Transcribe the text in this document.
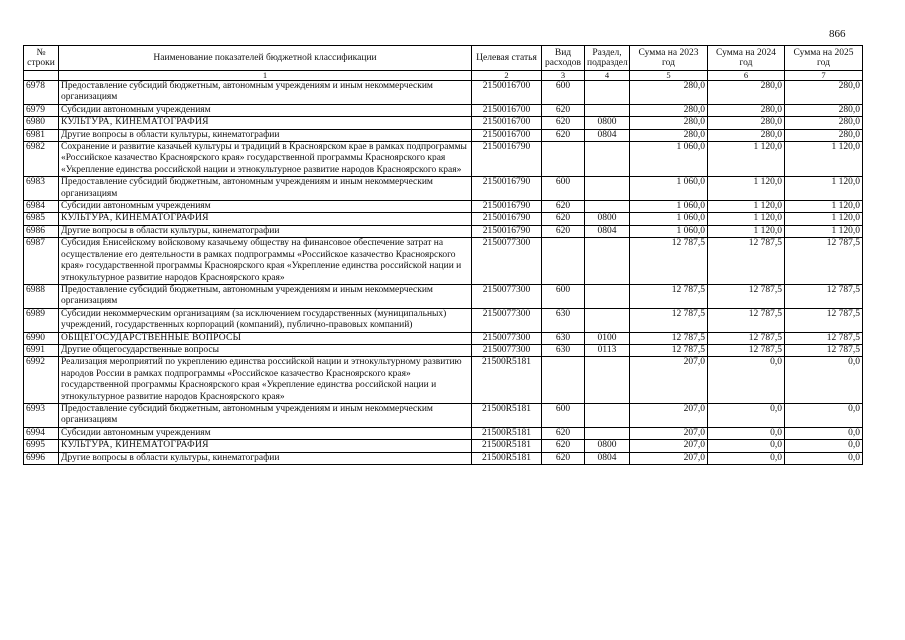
866
№ строки	Наименование показателей бюджетной классификации	Целевая статья	Вид расходов	Раздел, подраздел	Сумма на 2023 год	Сумма на 2024 год	Сумма на 2025 год
	1	2	3	4	5	6	7
6978	Предоставление субсидий бюджетным, автономным учреждениям и иным некоммерческим организациям	2150016700	600		280,0	280,0	280,0
6979	Субсидии автономным учреждениям	2150016700	620		280,0	280,0	280,0
6980	КУЛЬТУРА, КИНЕМАТОГРАФИЯ	2150016700	620	0800	280,0	280,0	280,0
6981	Другие вопросы в области культуры, кинематографии	2150016700	620	0804	280,0	280,0	280,0
6982	Сохранение и развитие казачьей культуры и традиций в Красноярском крае в рамках подпрограммы «Российское казачество Красноярского края» государственной программы Красноярского края «Укрепление единства российской нации и этнокультурное развитие народов Красноярского края»	2150016790			1 060,0	1 120,0	1 120,0
6983	Предоставление субсидий бюджетным, автономным учреждениям и иным некоммерческим организациям	2150016790	600		1 060,0	1 120,0	1 120,0
6984	Субсидии автономным учреждениям	2150016790	620		1 060,0	1 120,0	1 120,0
6985	КУЛЬТУРА, КИНЕМАТОГРАФИЯ	2150016790	620	0800	1 060,0	1 120,0	1 120,0
6986	Другие вопросы в области культуры, кинематографии	2150016790	620	0804	1 060,0	1 120,0	1 120,0
6987	Субсидия Енисейскому войсковому казачьему обществу на финансовое обеспечение затрат на осуществление его деятельности в рамках подпрограммы «Российское казачество Красноярского края» государственной программы Красноярского края «Укрепление единства российской нации и этнокультурное развитие народов Красноярского края»	2150077300			12 787,5	12 787,5	12 787,5
6988	Предоставление субсидий бюджетным, автономным учреждениям и иным некоммерческим организациям	2150077300	600		12 787,5	12 787,5	12 787,5
6989	Субсидии некоммерческим организациям (за исключением государственных (муниципальных) учреждений, государственных корпораций (компаний), публично-правовых компаний)	2150077300	630		12 787,5	12 787,5	12 787,5
6990	ОБЩЕГОСУДАРСТВЕННЫЕ ВОПРОСЫ	2150077300	630	0100	12 787,5	12 787,5	12 787,5
6991	Другие общегосударственные вопросы	2150077300	630	0113	12 787,5	12 787,5	12 787,5
6992	Реализация мероприятий по укреплению единства российской нации и этнокультурному развитию народов России в рамках подпрограммы «Российское казачество Красноярского края» государственной программы Красноярского края «Укрепление единства российской нации и этнокультурное развитие народов Красноярского края»	21500R5181			207,0	0,0	0,0
6993	Предоставление субсидий бюджетным, автономным учреждениям и иным некоммерческим организациям	21500R5181	600		207,0	0,0	0,0
6994	Субсидии автономным учреждениям	21500R5181	620		207,0	0,0	0,0
6995	КУЛЬТУРА, КИНЕМАТОГРАФИЯ	21500R5181	620	0800	207,0	0,0	0,0
6996	Другие вопросы в области культуры, кинематографии	21500R5181	620	0804	207,0	0,0	0,0
